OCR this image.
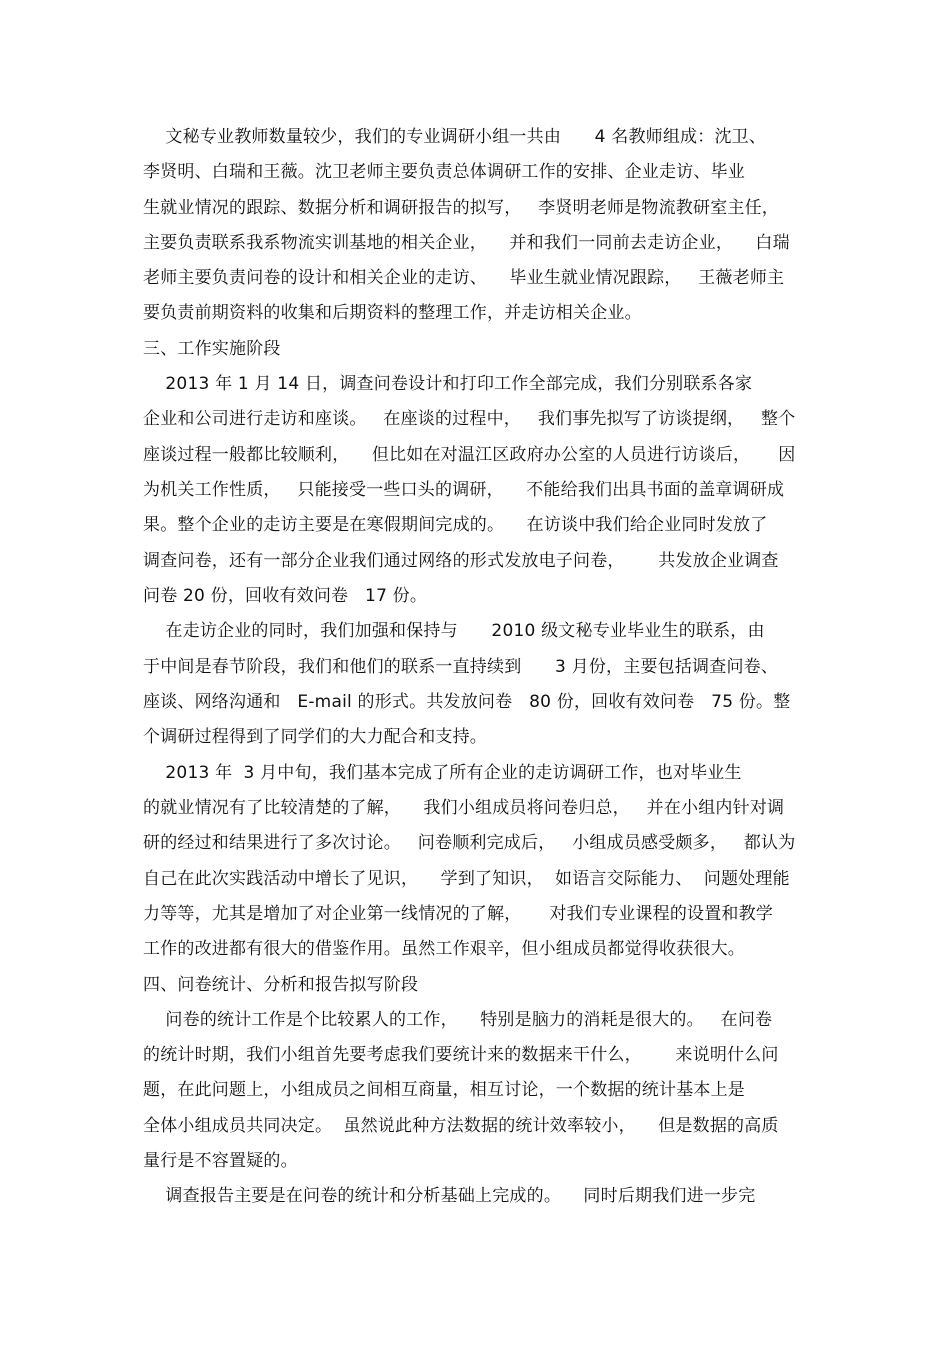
文秘专业教师数量较少，我们的专业调研小组一共由      4 名教师组成：沈卫、
李贤明、白瑞和王薇。沈卫老师主要负责总体调研工作的安排、企业走访、毕业
生就业情况的跟踪、数据分析和调研报告的拟写，   李贤明老师是物流教研室主任，
主要负责联系我系物流实训基地的相关企业，    并和我们一同前去走访企业，    白瑞
老师主要负责问卷的设计和相关企业的走访、    毕业生就业情况跟踪，   王薇老师主
要负责前期资料的收集和后期资料的整理工作，并走访相关企业。
三、工作实施阶段
2013 年 1 月 14 日，调查问卷设计和打印工作全部完成，我们分别联系各家
企业和公司进行走访和座谈。   在座谈的过程中，   我们事先拟写了访谈提纲，   整个
座谈过程一般都比较顺利，    但比如在对温江区政府办公室的人员进行访谈后，     因
为机关工作性质，   只能接受一些口头的调研，    不能给我们出具书面的盖章调研成
果。整个企业的走访主要是在寒假期间完成的。    在访谈中我们给企业同时发放了
调查问卷，还有一部分企业我们通过网络的形式发放电子问卷，      共发放企业调查
问卷 20 份，回收有效问卷   17 份。
在走访企业的同时，我们加强和保持与      2010 级文秘专业毕业生的联系，由
于中间是春节阶段，我们和他们的联系一直持续到      3 月份，主要包括调查问卷、
座谈、网络沟通和   E-mail 的形式。共发放问卷   80 份，回收有效问卷   75 份。整
个调研过程得到了同学们的大力配合和支持。
2013 年  3 月中旬，我们基本完成了所有企业的走访调研工作，也对毕业生
的就业情况有了比较清楚的了解，    我们小组成员将问卷归总，   并在小组内针对调
研的经过和结果进行了多次讨论。   问卷顺利完成后，   小组成员感受颇多，   都认为
自己在此次实践活动中增长了见识，    学到了知识，  如语言交际能力、  问题处理能
力等等，尤其是增加了对企业第一线情况的了解，     对我们专业课程的设置和教学
工作的改进都有很大的借鉴作用。虽然工作艰辛，但小组成员都觉得收获很大。
四、问卷统计、分析和报告拟写阶段
问卷的统计工作是个比较累人的工作，    特别是脑力的消耗是很大的。   在问卷
的统计时期，我们小组首先要考虑我们要统计来的数据来干什么，      来说明什么问
题，在此问题上，小组成员之间相互商量，相互讨论，一个数据的统计基本上是
全体小组成员共同决定。  虽然说此种方法数据的统计效率较小，    但是数据的高质
量行是不容置疑的。
调查报告主要是在问卷的统计和分析基础上完成的。    同时后期我们进一步完
